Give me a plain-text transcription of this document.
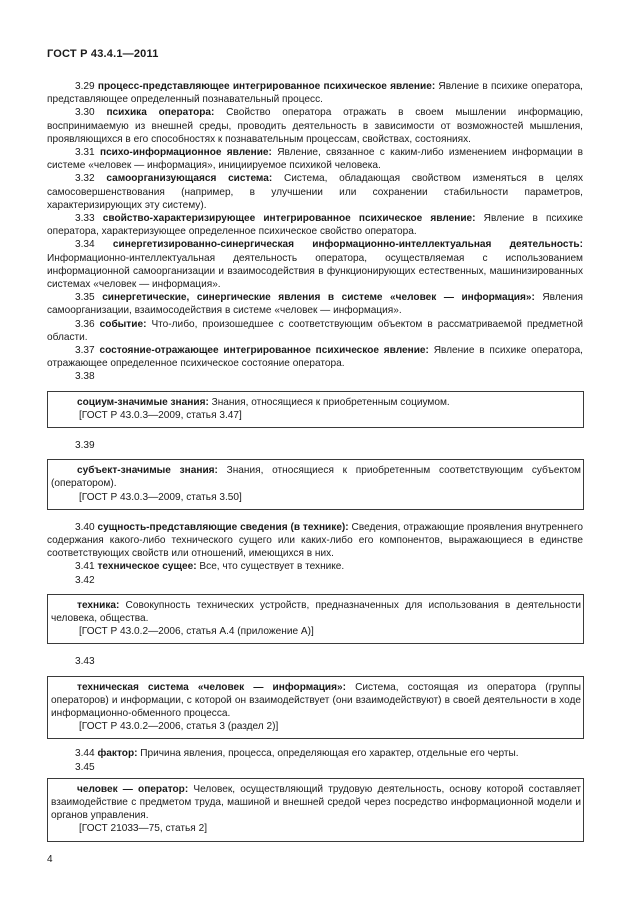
ГОСТ Р 43.4.1—2011

3.29 процесс-представляющее интегрированное психическое явление: Явление в психике оператора, представляющее определенный познавательный процесс.

3.30 психика оператора: Свойство оператора отражать в своем мышлении информацию, воспринимаемую из внешней среды, проводить деятельность в зависимости от возможностей мышления, проявляющихся в его способностях к познавательным процессам, свойствах, состояниях.

3.31 психо-информационное явление: Явление, связанное с каким-либо изменением информации в системе «человек — информация», инициируемое психикой человека.

3.32 самоорганизующаяся система: Система, обладающая свойством изменяться в целях самосовершенствования (например, в улучшении или сохранении стабильности параметров, характеризирующих эту систему).

3.33 свойство-характеризирующее интегрированное психическое явление: Явление в психике оператора, характеризующее определенное психическое свойство оператора.

3.34 синергетизированно-синергическая информационно-интеллектуальная деятельность: Информационно-интеллектуальная деятельность оператора, осуществляемая с использованием информационной самоорганизации и взаимосодействия в функционирующих естественных, машинизированных системах «человек — информация».

3.35 синергетические, синергические явления в системе «человек — информация»: Явления самоорганизации, взаимосодействия в системе «человек — информация».

3.36 событие: Что-либо, произошедшее с соответствующим объектом в рассматриваемой предметной области.

3.37 состояние-отражающее интегрированное психическое явление: Явление в психике оператора, отражающее определенное психическое состояние оператора.

3.38

социум-значимые знания: Знания, относящиеся к приобретенным социумом.

[ГОСТ Р 43.0.3—2009, статья 3.47]

3.39

субъект-значимые знания: Знания, относящиеся к приобретенным соответствующим субъектом (оператором).

[ГОСТ Р 43.0.3—2009, статья 3.50]

3.40 сущность-представляющие сведения (в технике): Сведения, отражающие проявления внутреннего содержания какого-либо технического сущего или каких-либо его компонентов, выражающиеся в единстве соответствующих свойств или отношений, имеющихся в них.

3.41 техническое сущее: Все, что существует в технике.

3.42

техника: Совокупность технических устройств, предназначенных для использования в деятельности человека, общества.

[ГОСТ Р 43.0.2—2006, статья А.4 (приложение А)]

3.43

техническая система «человек — информация»: Система, состоящая из оператора (группы операторов) и информации, с которой он взаимодействует (они взаимодействуют) в своей деятельности в ходе информационно-обменного процесса.

[ГОСТ Р 43.0.2—2006, статья 3 (раздел 2)]

3.44 фактор: Причина явления, процесса, определяющая его характер, отдельные его черты.

3.45

человек — оператор: Человек, осуществляющий трудовую деятельность, основу которой составляет взаимодействие с предметом труда, машиной и внешней средой через посредство информационной модели и органов управления.

[ГОСТ 21033—75, статья 2]

4
